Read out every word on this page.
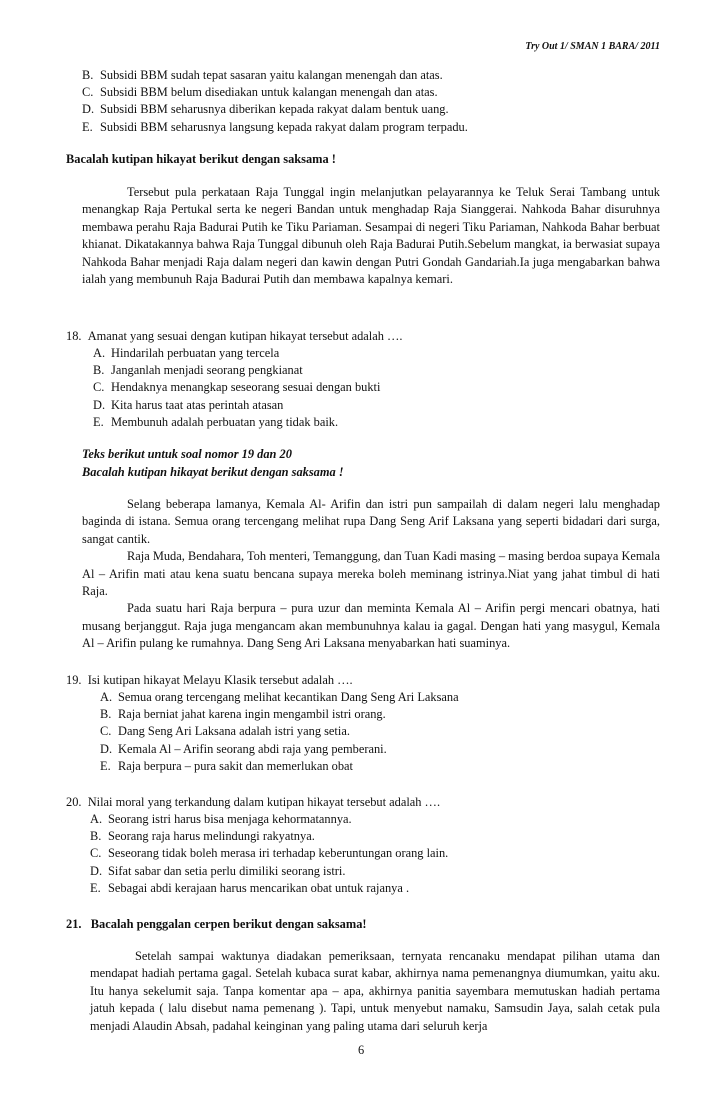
Try Out 1/ SMAN 1 BARA/ 2011
B. Subsidi BBM sudah tepat sasaran yaitu kalangan menengah dan atas.
C. Subsidi BBM belum disediakan untuk kalangan menengah dan atas.
D. Subsidi BBM seharusnya diberikan kepada rakyat dalam bentuk uang.
E. Subsidi BBM seharusnya langsung kepada rakyat dalam program terpadu.
Bacalah kutipan hikayat berikut dengan saksama !

Tersebut pula perkataan Raja Tunggal ingin melanjutkan pelayarannya ke Teluk Serai Tambang untuk menangkap Raja Pertukal serta ke negeri Bandan untuk menghadap Raja Sianggerai. Nahkoda Bahar disuruhnya membawa perahu Raja Badurai Putih ke Tiku Pariaman. Sesampai di negeri Tiku Pariaman, Nahkoda Bahar berbuat khianat. Dikatakannya bahwa Raja Tunggal dibunuh oleh Raja Badurai Putih.Sebelum mangkat, ia berwasiat supaya Nahkoda Bahar menjadi Raja dalam negeri dan kawin dengan Putri Gondah Gandariah.Ia juga mengabarkan bahwa ialah yang membunuh Raja Badurai Putih dan membawa kapalnya kemari.

18. Amanat yang sesuai dengan kutipan hikayat tersebut adalah ….
A. Hindarilah perbuatan yang tercela
B. Janganlah menjadi seorang pengkianat
C. Hendaknya menangkap seseorang sesuai dengan bukti
D. Kita harus taat atas perintah atasan
E. Membunuh adalah perbuatan yang tidak baik.
Teks berikut untuk soal nomor 19 dan 20
Bacalah kutipan hikayat berikut dengan saksama !

Selang beberapa lamanya, Kemala Al- Arifin dan istri pun sampailah di dalam negeri lalu menghadap baginda di istana. Semua orang tercengang melihat rupa Dang Seng Arif Laksana yang seperti bidadari dari surga, sangat cantik.

Raja Muda, Bendahara, Toh menteri, Temanggung, dan Tuan Kadi masing – masing berdoa supaya Kemala Al – Arifin mati atau kena suatu bencana supaya mereka boleh meminang istrinya.Niat yang jahat timbul di hati Raja.

Pada suatu hari Raja berpura – pura uzur dan meminta Kemala Al – Arifin pergi mencari obatnya, hati musang berjanggut. Raja juga mengancam akan membunuhnya kalau ia gagal. Dengan hati yang masygul, Kemala Al – Arifin pulang ke rumahnya. Dang Seng Ari Laksana menyabarkan hati suaminya.

19. Isi kutipan hikayat Melayu Klasik tersebut adalah ….
A. Semua orang tercengang melihat kecantikan Dang Seng Ari Laksana
B. Raja berniat jahat karena ingin mengambil istri orang.
C. Dang Seng Ari Laksana adalah istri yang setia.
D. Kemala Al – Arifin seorang abdi raja yang pemberani.
E. Raja berpura – pura sakit dan memerlukan obat
20. Nilai moral yang terkandung dalam kutipan hikayat tersebut adalah ….
A. Seorang istri harus bisa menjaga kehormatannya.
B. Seorang raja harus melindungi rakyatnya.
C. Seseorang tidak boleh merasa iri terhadap keberuntungan orang lain.
D. Sifat sabar dan setia perlu dimiliki seorang istri.
E. Sebagai abdi kerajaan harus mencarikan obat untuk rajanya .
21. Bacalah penggalan cerpen berikut dengan saksama!

Setelah sampai waktunya diadakan pemeriksaan, ternyata rencanaku mendapat pilihan utama dan mendapat hadiah pertama gagal. Setelah kubaca surat kabar, akhirnya nama pemenangnya diumumkan, yaitu aku. Itu hanya sekelumit saja. Tanpa komentar apa – apa, akhirnya panitia sayembara memutuskan hadiah pertama jatuh kepada ( lalu disebut nama pemenang ). Tapi, untuk menyebut namaku, Samsudin Jaya, salah cetak pula menjadi Alaudin Absah, padahal keinginan yang paling utama dari seluruh kerja

6
